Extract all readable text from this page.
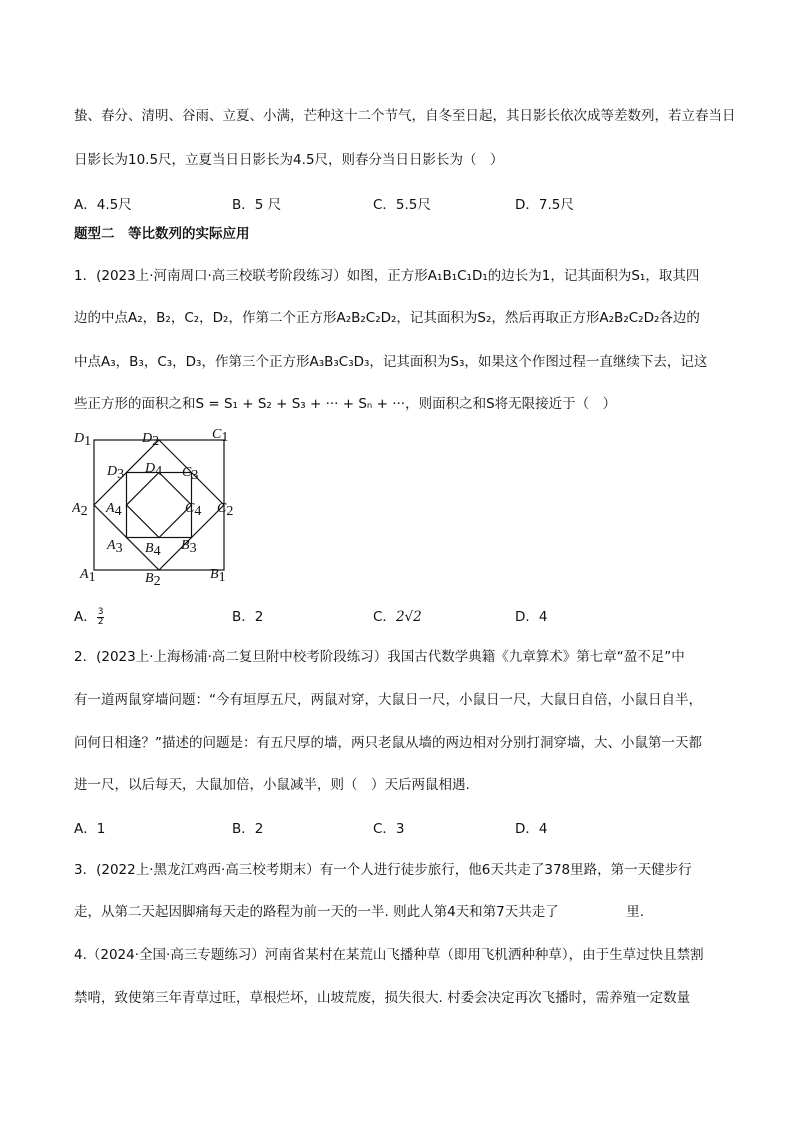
蛰、春分、清明、谷雨、立夏、小满，芒种这十二个节气，自冬至日起，其日影长依次成等差数列，若立春当日
日影长为10.5尺，立夏当日日影长为4.5尺，则春分当日日影长为（　）
A．4.5尺	B．5 尺	C．5.5尺	D．7.5尺
题型二　等比数列的实际应用
1．(2023上·河南周口·高三校联考阶段练习）如图，正方形A₁B₁C₁D₁的边长为1，记其面积为S₁，取其四
边的中点A₂，B₂，C₂，D₂，作第二个正方形A₂B₂C₂D₂，记其面积为S₂，然后再取正方形A₂B₂C₂D₂各边的
中点A₃，B₃，C₃，D₃，作第三个正方形A₃B₃C₃D₃，记其面积为S₃，如果这个作图过程一直继续下去，记这
些正方形的面积之和S = S₁ + S₂ + S₃ + ··· + Sₙ + ···，则面积之和S将无限接近于（　）
D1	D2	C1
D3 D4 C3
A2 A4	C4 C2
A3 B4 B3
A1	B2	B1
A． $\frac{3}{2}$	B．2	C．2√2	D．4
2．(2023上·上海杨浦·高二复旦附中校考阶段练习）我国古代数学典籍《九章算术》第七章“盈不足”中
有一道两鼠穿墙问题：“今有垣厚五尺，两鼠对穿，大鼠日一尺，小鼠日一尺，大鼠日自倍，小鼠日自半，
问何日相逢？”描述的问题是：有五尺厚的墙，两只老鼠从墙的两边相对分别打洞穿墙，大、小鼠第一天都
进一尺，以后每天，大鼠加倍，小鼠减半，则（　）天后两鼠相遇.
A．1	B．2	C．3	D．4
3．(2022上·黑龙江鸡西·高三校考期末）有一个人进行徒步旅行，他6天共走了378里路，第一天健步行
走，从第二天起因脚痛每天走的路程为前一天的一半. 则此人第4天和第7天共走了　　　　　里.
4.（2024·全国·高三专题练习）河南省某村在某荒山飞播种草（即用飞机洒种种草），由于生草过快且禁割
禁啃，致使第三年青草过旺，草根烂坏，山坡荒废，损失很大. 村委会决定再次飞播时，需养殖一定数量
